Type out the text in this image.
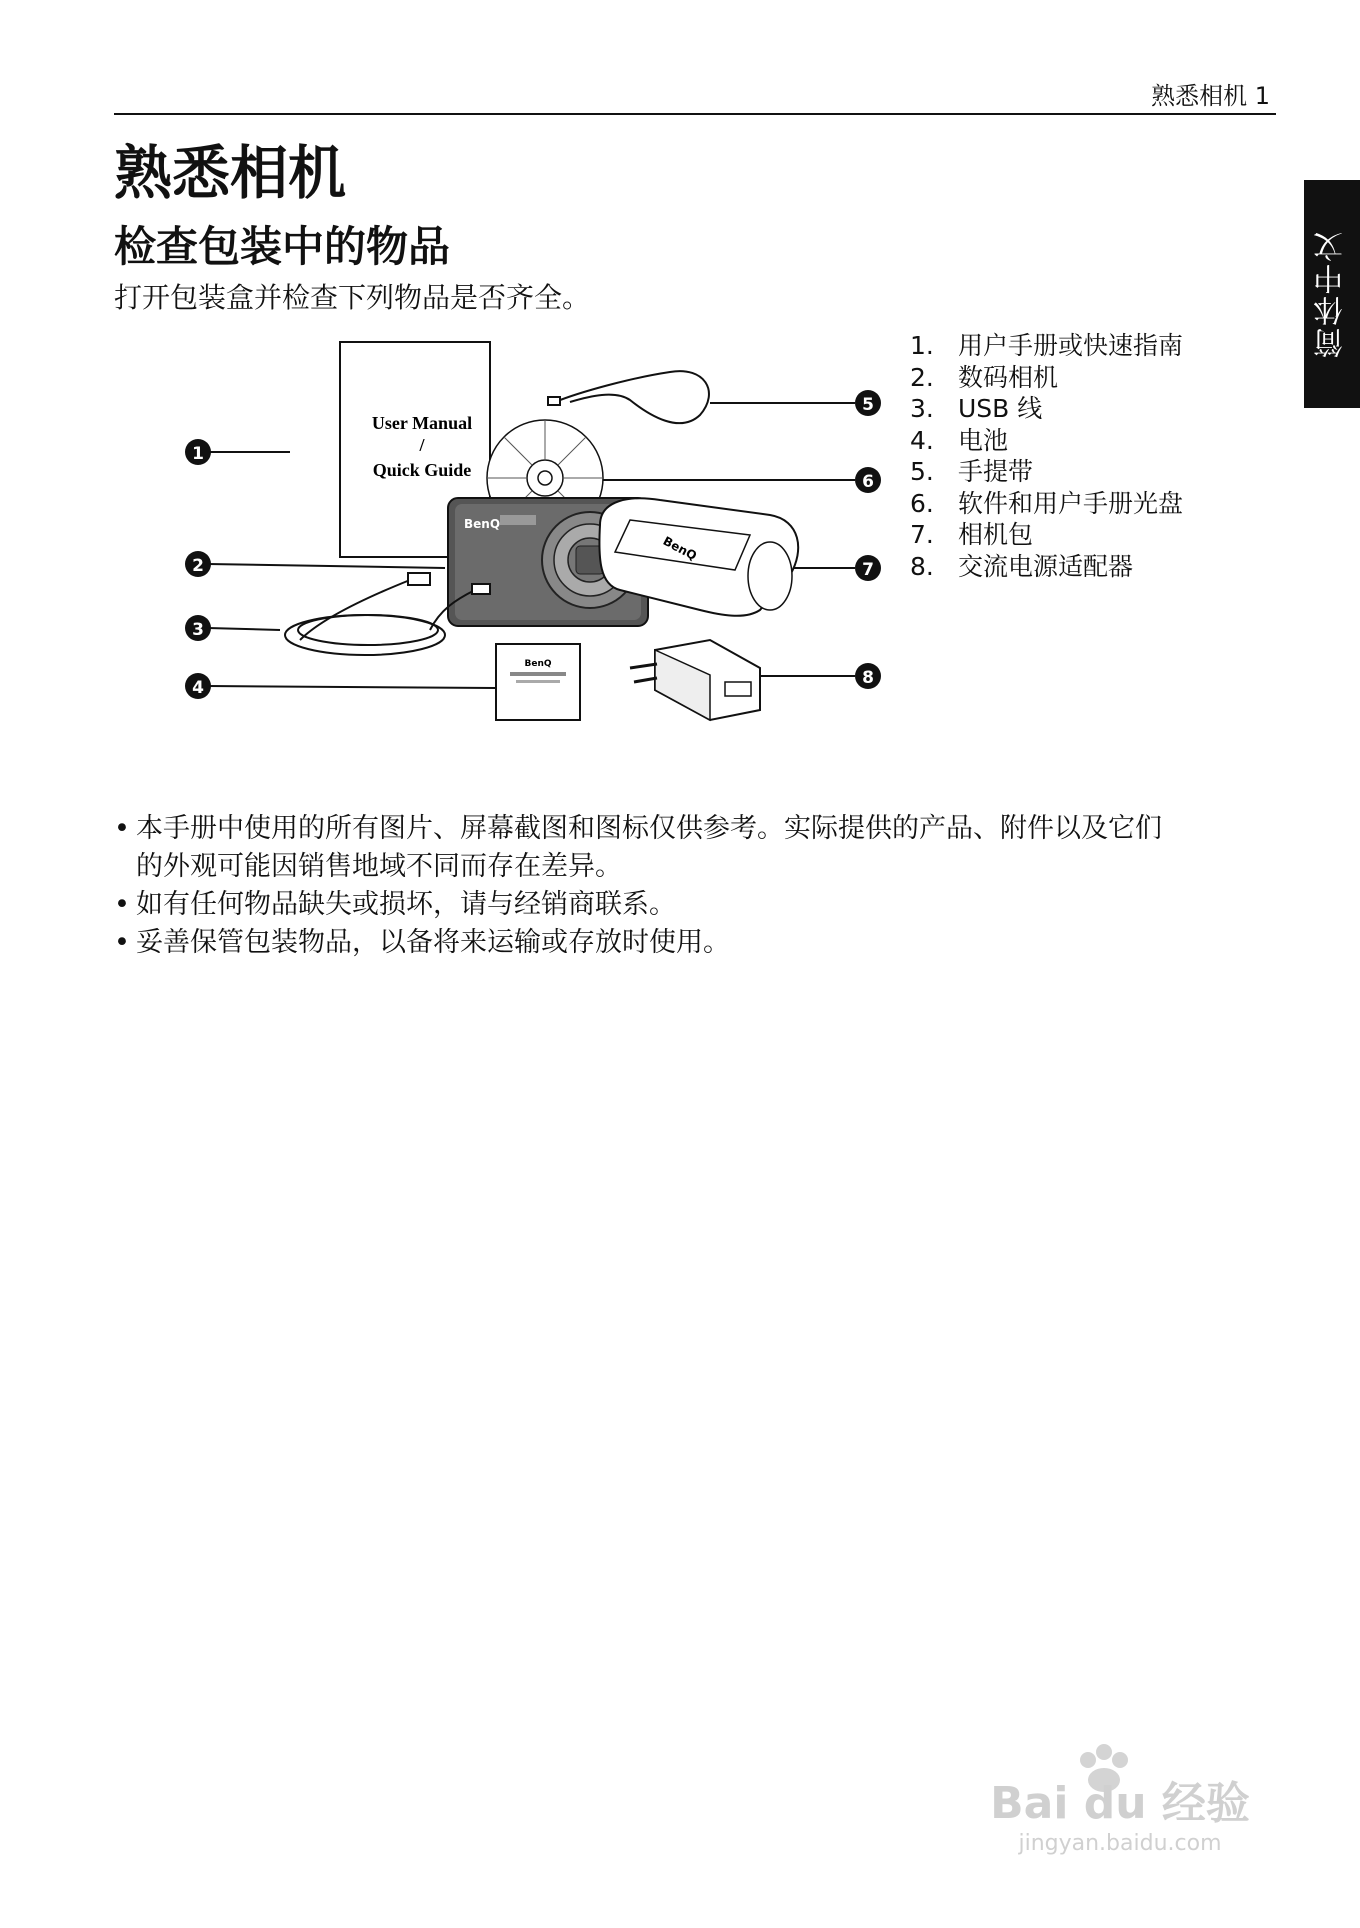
熟悉相机 1
简体中文
熟悉相机
检查包装中的物品

打开包装盒并检查下列物品是否齐全。

User Manual
/
Quick Guide
BenQ
BenQ
BenQ
1
2
3
4
5
6
7
8
1. 用户手册或快速指南
2. 数码相机
3. USB 线
4. 电池
5. 手提带
6. 软件和用户手册光盘
7. 相机包
8. 交流电源适配器
• 本手册中使用的所有图片、屏幕截图和图标仅供参考。实际提供的产品、附件以及它们的外观可能因销售地域不同而存在差异。
• 如有任何物品缺失或损坏，请与经销商联系。
• 妥善保管包装物品，以备将来运输或存放时使用。
Bai du 经验
jingyan.baidu.com
